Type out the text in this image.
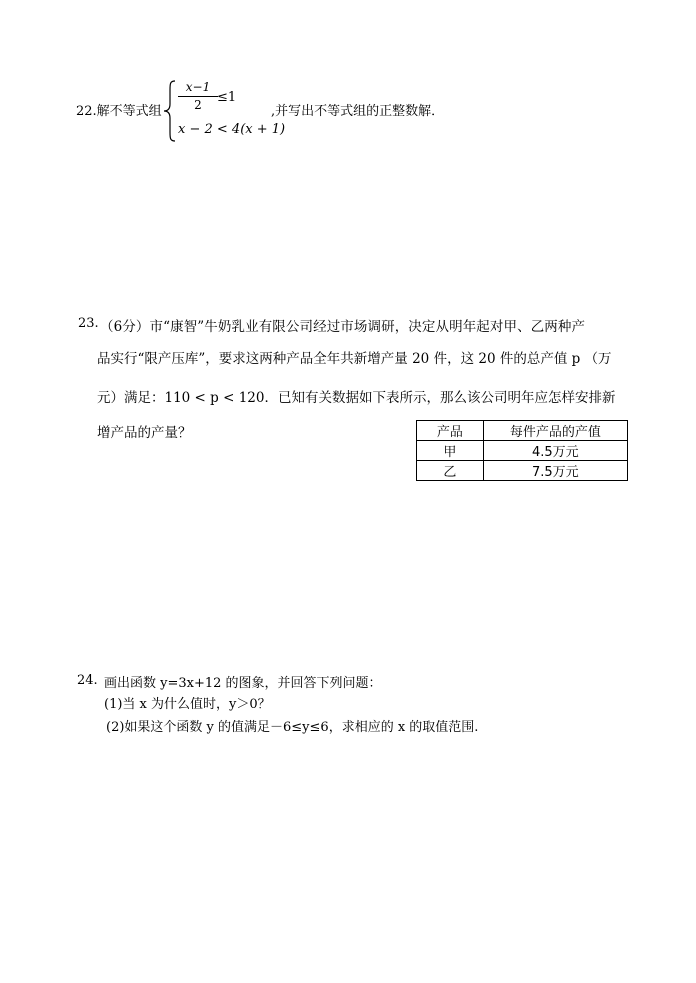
22.解不等式组
x−1
2	≤1
x − 2 < 4(x + 1)
,并写出不等式组的正整数解．
23. （6分）市“康智”牛奶乳业有限公司经过市场调研，决定从明年起对甲、乙两种产
品实行“限产压库”，要求这两种产品全年共新增产量 20 件，这 20 件的总产值 p （万
元）满足：110 < p < 120．已知有关数据如下表所示，那么该公司明年应怎样安排新
增产品的产量？	产品	每件产品的产值
甲	4.5万元
乙	7.5万元
24. 画出函数 y=3x+12 的图象，并回答下列问题：
(1)当 x 为什么值时，y＞0？
(2)如果这个函数 y 的值满足－6≤y≤6，求相应的 x 的取值范围.
